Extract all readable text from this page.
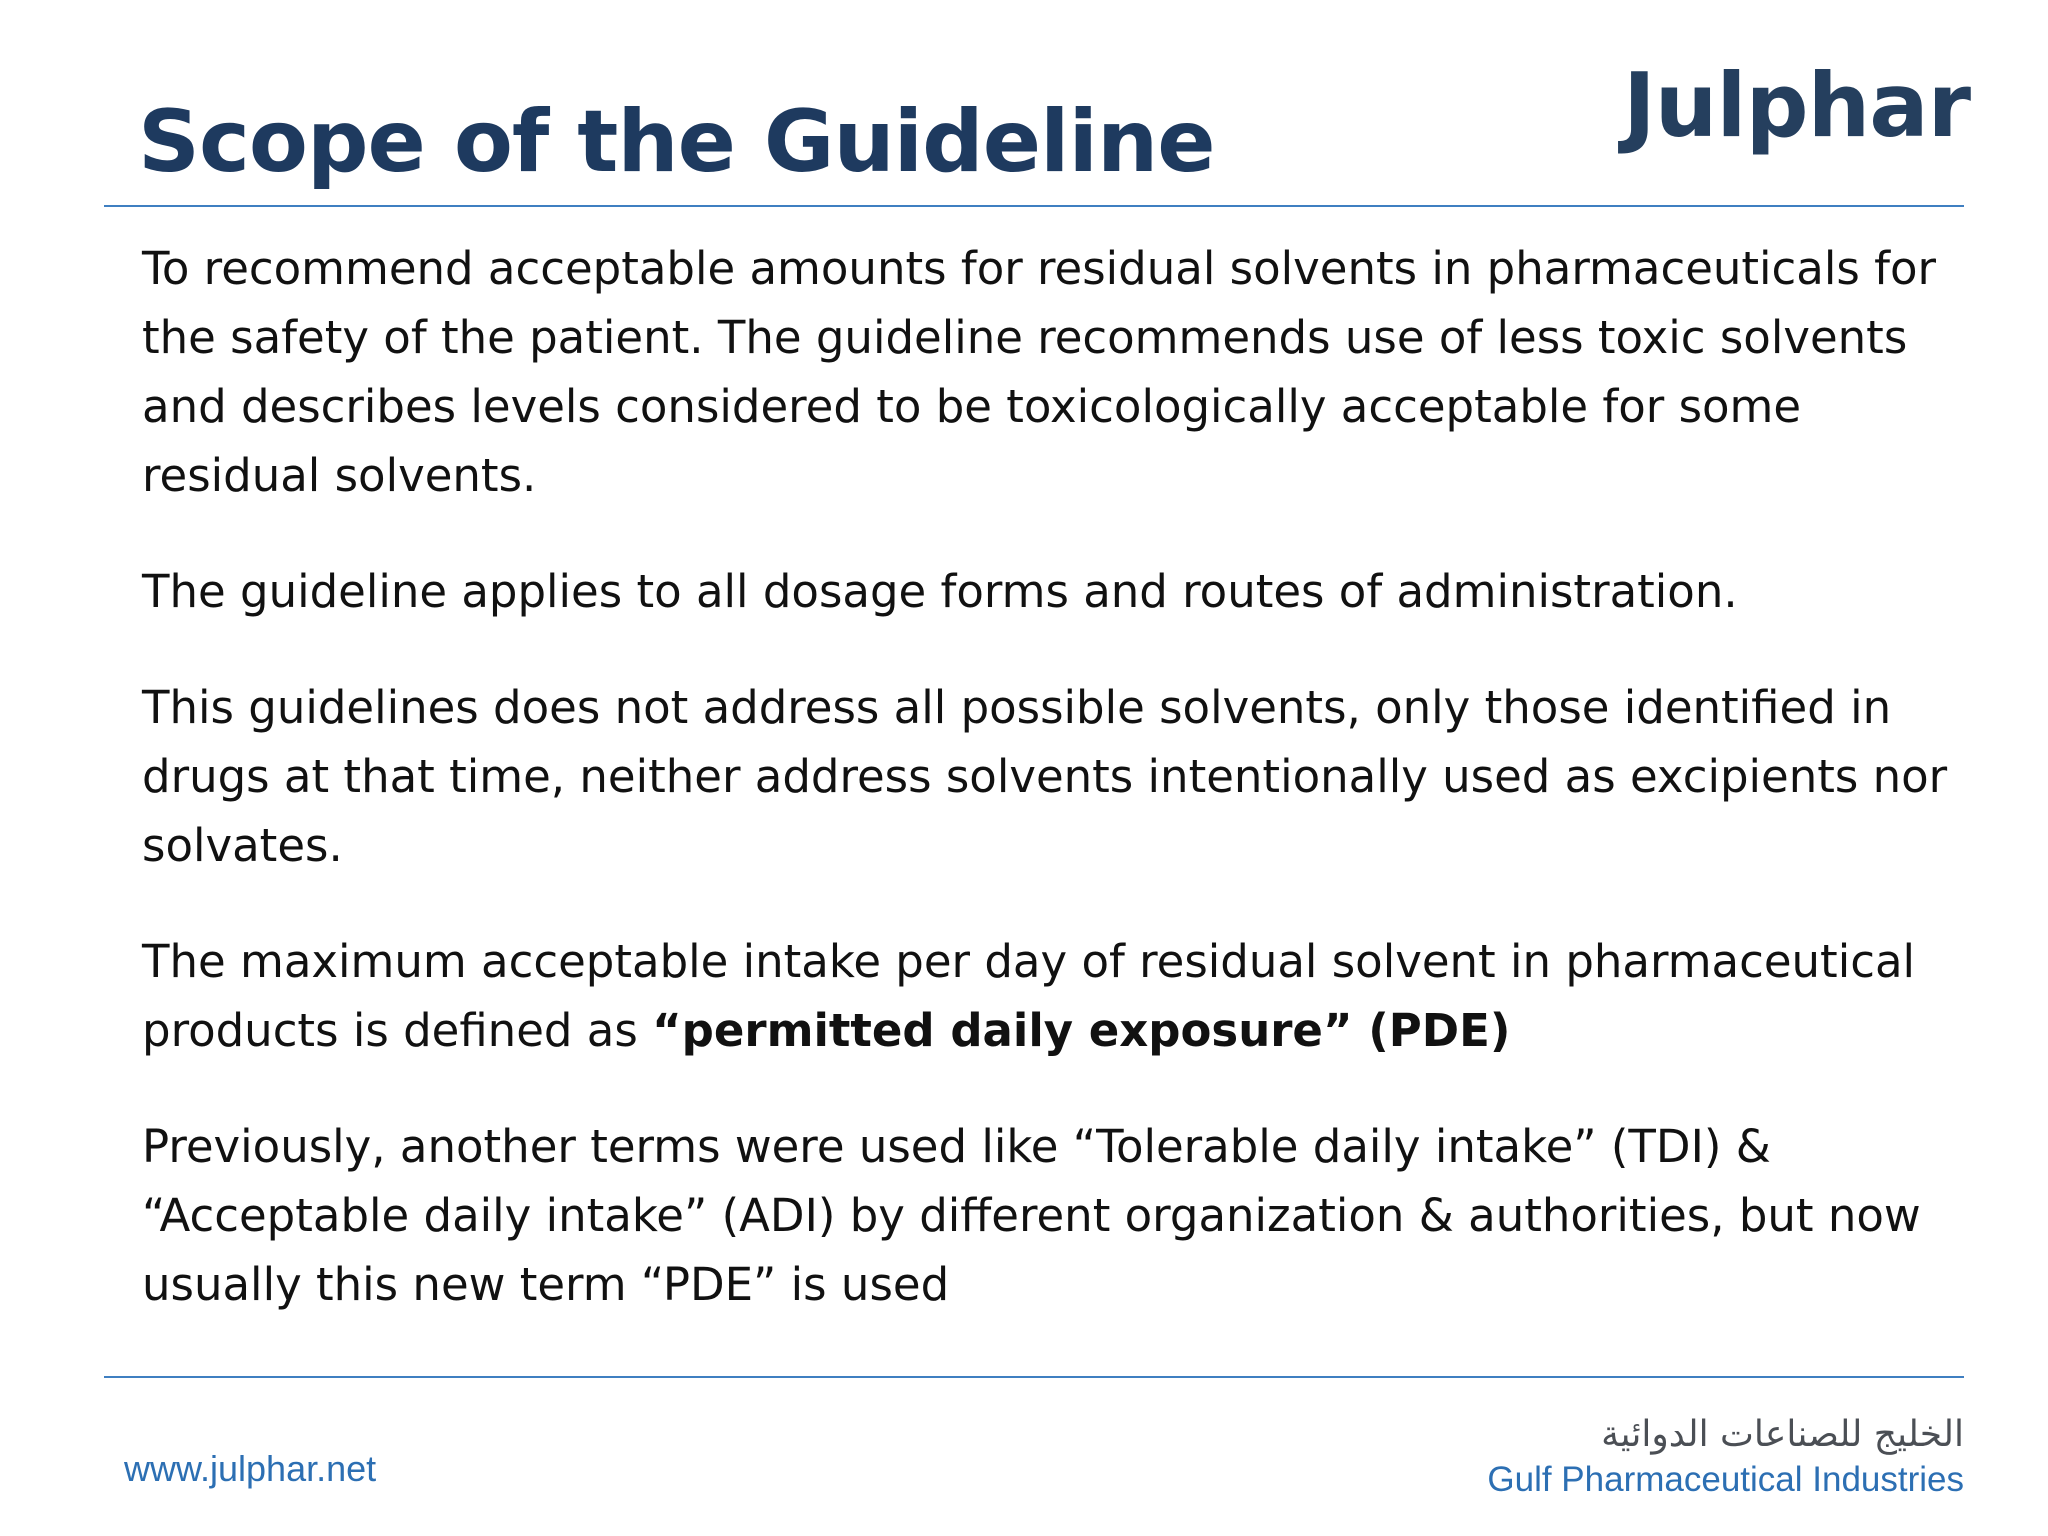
Scope of the Guideline	Julphar

To recommend acceptable amounts for residual solvents in pharmaceuticals for the safety of the patient. The guideline recommends use of less toxic solvents and describes levels considered to be toxicologically acceptable for some residual solvents.

The guideline applies to all dosage forms and routes of administration.

This guidelines does not address all possible solvents, only those identified in drugs at that time, neither address solvents intentionally used as excipients nor solvates.

The maximum acceptable intake per day of residual solvent in pharmaceutical products is defined as “permitted daily exposure” (PDE)

Previously, another terms were used like “Tolerable daily intake” (TDI) & “Acceptable daily intake” (ADI) by different organization & authorities, but now usually this new term “PDE” is used

www.julphar.net
الخليج للصناعات الدوائية
Gulf Pharmaceutical Industries
